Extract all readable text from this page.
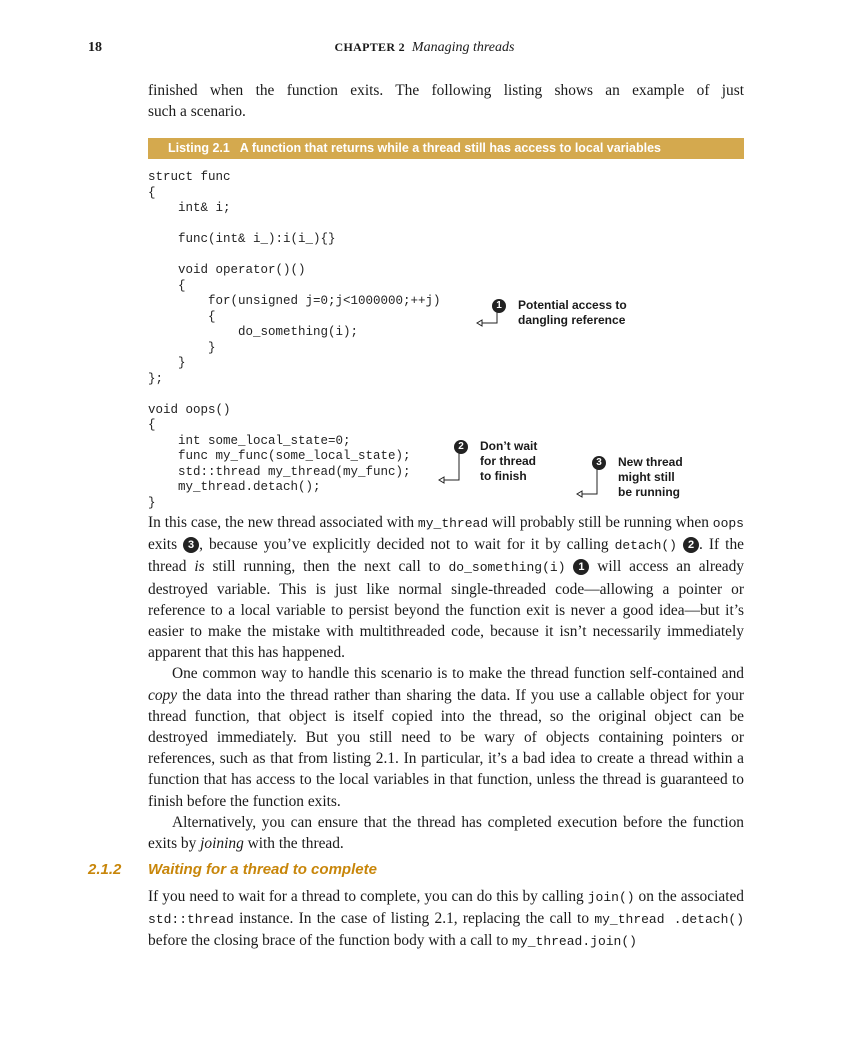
18	CHAPTER 2 Managing threads

finished when the function exits. The following listing shows an example of just

such a scenario.

Listing 2.1 A function that returns while a thread still has access to local variables
struct func
{
int& i;

func(int& i_):i(i_){}

void operator()()
{
for(unsigned j=0;j<1000000;++j)
{
do_something(i);
}
}
};

void oops()
{
int some_local_state=0;
func my_func(some_local_state);
std::thread my_thread(my_func);
my_thread.detach();
}
1 Potential access to
dangling reference
2 Don’t wait
for thread
to finish
3 New thread
might still
be running

In this case, the new thread associated with my_thread will probably still be running when oops exits 3 , because you’ve explicitly decided not to wait for it by calling detach() 2 . If the thread is still running, then the next call to do_something(i) 1 will access an already destroyed variable. This is just like normal single-threaded code—allowing a pointer or reference to a local variable to persist beyond the function exit is never a good idea—but it’s easier to make the mistake with multithreaded code, because it isn’t necessarily immediately apparent that this has happened.

One common way to handle this scenario is to make the thread function self-contained and copy the data into the thread rather than sharing the data. If you use a callable object for your thread function, that object is itself copied into the thread, so the original object can be destroyed immediately. But you still need to be wary of objects containing pointers or references, such as that from listing 2.1. In particular, it’s a bad idea to create a thread within a function that has access to the local variables in that function, unless the thread is guaranteed to finish before the function exits.

Alternatively, you can ensure that the thread has completed execution before the function exits by joining with the thread.

2.1.2 Waiting for a thread to complete

If you need to wait for a thread to complete, you can do this by calling join() on the associated std::thread instance. In the case of listing 2.1, replacing the call to my_thread .detach() before the closing brace of the function body with a call to my_thread.join()
